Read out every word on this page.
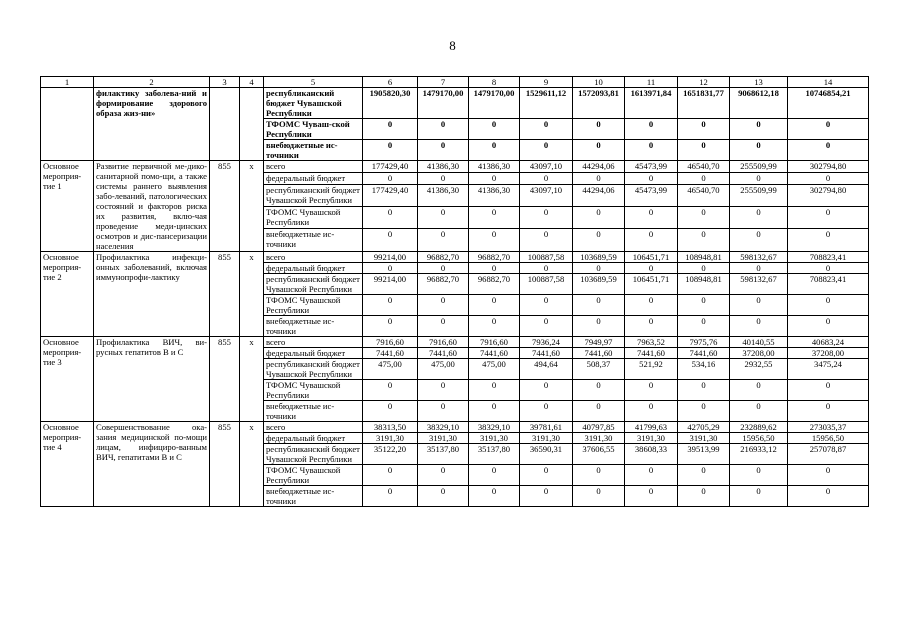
8
1	2	3	4	5	6	7	8	9	10	11	12	13	14
	филактику заболева-ний и формирование здорового образа жиз-ни»			республиканский бюджет Чувашской Республики	1905820,30	1479170,00	1479170,00	1529611,12	1572093,81	1613971,84	1651831,77	9068612,18	10746854,21
				ТФОМС Чуваш-ской Республики	0	0	0	0	0	0	0	0	0
				внебюджетные ис-точники	0	0	0	0	0	0	0	0	0
Основное мероприя-тие 1	Развитие первичной ме-дико-санитарной помо-щи, а также системы раннего выявления забо-леваний, патологических состояний и факторов риска их развития, вклю-чая проведение меди-цинских осмотров и дис-пансеризации населения	855	x	всего	177429,40	41386,30	41386,30	43097,10	44294,06	45473,99	46540,70	255509,99	302794,80
				федеральный бюджет	0	0	0	0	0	0	0	0	0
				республиканский бюджет Чувашской Республики	177429,40	41386,30	41386,30	43097,10	44294,06	45473,99	46540,70	255509,99	302794,80
				ТФОМС Чувашской Республики	0	0	0	0	0	0	0	0	0
				внебюджетные ис-точники	0	0	0	0	0	0	0	0	0
Основное мероприя-тие 2	Профилактика инфекци-онных заболеваний, включая иммунопрофи-лактику	855	x	всего	99214,00	96882,70	96882,70	100887,58	103689,59	106451,71	108948,81	598132,67	708823,41
				федеральный бюджет	0	0	0	0	0	0	0	0	0
				республиканский бюджет Чувашской Республики	99214,00	96882,70	96882,70	100887,58	103689,59	106451,71	108948,81	598132,67	708823,41
				ТФОМС Чувашской Республики	0	0	0	0	0	0	0	0	0
				внебюджетные ис-точники	0	0	0	0	0	0	0	0	0
Основное мероприя-тие 3	Профилактика ВИЧ, ви-русных гепатитов В и С	855	x	всего	7916,60	7916,60	7916,60	7936,24	7949,97	7963,52	7975,76	40140,55	40683,24
				федеральный бюджет	7441,60	7441,60	7441,60	7441,60	7441,60	7441,60	7441,60	37208,00	37208,00
				республиканский бюджет Чувашской Республики	475,00	475,00	475,00	494,64	508,37	521,92	534,16	2932,55	3475,24
				ТФОМС Чувашской Республики	0	0	0	0	0	0	0	0	0
				внебюджетные ис-точники	0	0	0	0	0	0	0	0	0
Основное мероприя-тие 4	Совершенствование ока-зания медицинской по-мощи лицам, инфициро-ванным ВИЧ, гепатитами В и С	855	x	всего	38313,50	38329,10	38329,10	39781,61	40797,85	41799,63	42705,29	232889,62	273035,37
				федеральный бюджет	3191,30	3191,30	3191,30	3191,30	3191,30	3191,30	3191,30	15956,50	15956,50
				республиканский бюджет Чувашской Республики	35122,20	35137,80	35137,80	36590,31	37606,55	38608,33	39513,99	216933,12	257078,87
				ТФОМС Чувашской Республики	0	0	0	0	0	0	0	0	0
				внебюджетные ис-точники	0	0	0	0	0	0	0	0	0
